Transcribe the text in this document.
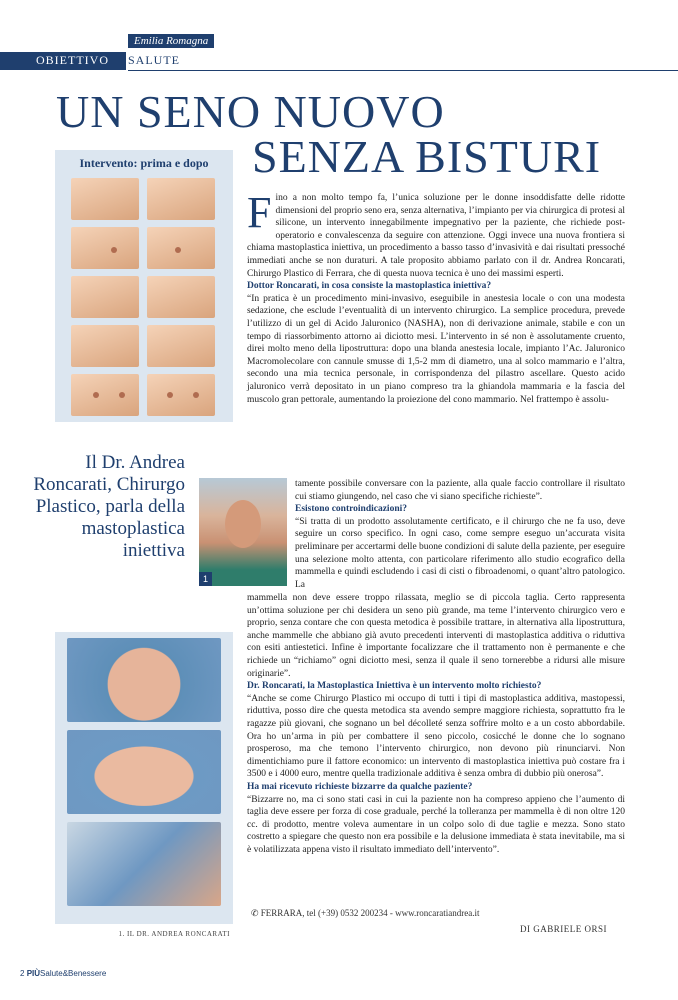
Emilia Romagna
OBIETTIVO SALUTE
UN SENO NUOVO
SENZA BISTURI
Intervento: prima e dopo
Il Dr. Andrea Roncarati, Chirurgo Plastico, parla della mastoplastica iniettiva
1
1. IL DR. ANDREA RONCARATI
F ino a non molto tempo fa, l’unica soluzione per le donne insoddisfatte delle ridotte dimensioni del proprio seno era, senza alternativa, l’impianto per via chirurgica di protesi al silicone, un intervento innegabilmente impegnativo per la paziente, che richiede post-operatorio e convalescenza da seguire con attenzione. Oggi invece una nuova frontiera si chiama mastoplastica iniettiva, un procedimento a basso tasso d’invasività e dai risultati pressoché immediati anche se non duraturi. A tale proposito abbiamo parlato con il dr. Andrea Roncarati, Chirurgo Plastico di Ferrara, che di questa nuova tecnica è uno dei massimi esperti.

Dottor Roncarati, in cosa consiste la mastoplastica iniettiva?

“In pratica è un procedimento mini-invasivo, eseguibile in anestesia locale o con una modesta sedazione, che esclude l’eventualità di un intervento chirurgico. La semplice procedura, prevede l’utilizzo di un gel di Acido Jaluronico (NASHA), non di derivazione animale, stabile e con un tempo di riassorbimento attorno ai diciotto mesi. L’intervento in sé non è assolutamente cruento, direi molto meno della lipostruttura: dopo una blanda anestesia locale, impianto l’Ac. Jaluronico Macromolecolare con cannule smusse di 1,5-2 mm di diametro, una al solco mammario e l’altra, secondo una mia tecnica personale, in corrispondenza del pilastro ascellare. Questo acido jaluronico verrà depositato in un piano compreso tra la ghiandola mammaria e la fascia del muscolo gran pettorale, aumentando la proiezione del cono mammario. Nel frattempo è assolu-

tamente possibile conversare con la paziente, alla quale faccio controllare il risultato cui stiamo giungendo, nel caso che vi siano specifiche richieste”.

Esistono controindicazioni?

“Si tratta di un prodotto assolutamente certificato, e il chirurgo che ne fa uso, deve seguire un corso specifico. In ogni caso, come sempre eseguo un’accurata visita preliminare per accertarmi delle buone condizioni di salute della paziente, per eseguire una selezione molto attenta, con particolare riferimento allo studio ecografico della mammella e quindi escludendo i casi di cisti o fibroadenomi, o quant’altro patologico. La

mammella non deve essere troppo rilassata, meglio se di piccola taglia. Certo rappresenta un’ottima soluzione per chi desidera un seno più grande, ma teme l’intervento chirurgico vero e proprio, senza contare che con questa metodica è possibile trattare, in alternativa alla lipostruttura, anche mammelle che abbiano già avuto precedenti interventi di mastoplastica additiva o riduttiva con esiti antiestetici. Infine è importante focalizzare che il trattamento non è permanente e che richiede un “richiamo” ogni diciotto mesi, senza il quale il seno tornerebbe a ridursi alle misure originarie”.

Dr. Roncarati, la Mastoplastica Iniettiva è un intervento molto richiesto?

“Anche se come Chirurgo Plastico mi occupo di tutti i tipi di mastoplastica additiva, mastopessi, riduttiva, posso dire che questa metodica sta avendo sempre maggiore richiesta, soprattutto fra le ragazze più giovani, che sognano un bel décolleté senza soffrire molto e a un costo abbordabile. Ora ho un’arma in più per combattere il seno piccolo, cosicché le donne che lo sognano prosperoso, ma che temono l’intervento chirurgico, non devono più rinunciarvi. Non dimentichiamo pure il fattore economico: un intervento di mastoplastica iniettiva può costare fra i 3500 e i 4000 euro, mentre quella tradizionale additiva è senza ombra di dubbio più onerosa”.

Ha mai ricevuto richieste bizzarre da qualche paziente?

“Bizzarre no, ma ci sono stati casi in cui la paziente non ha compreso appieno che l’aumento di taglia deve essere per forza di cose graduale, perché la tolleranza per mammella è di non oltre 120 cc. di prodotto, mentre voleva aumentare in un colpo solo di due taglie e mezza. Sono stato costretto a spiegare che questo non era possibile e la delusione immediata è stata inevitabile, ma si è volatilizzata appena visto il risultato immediato dell’intervento”.

✆ FERRARA, tel (+39) 0532 200234 - www.roncaratiandrea.it
DI GABRIELE ORSI
2 PIÙSalute&Benessere
